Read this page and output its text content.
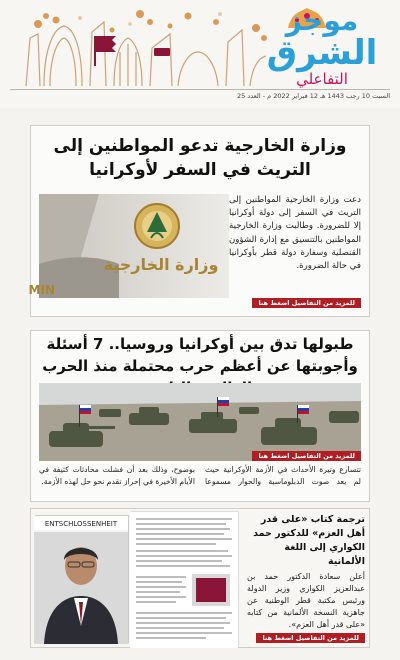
موجز
الشرق
التفاعلي
السبت 10 رجب 1443 هـ 12 فبراير 2022 م - العدد 25
وزارة الخارجية تدعو المواطنين إلى التريث في السفر لأوكرانيا
وزارة الخارجية
MIN

دعت وزارة الخارجية المواطنين إلى التريث في السفر إلى دولة أوكرانيا إلا للضرورة. وطالبت وزارة الخارجية المواطنين بالتنسيق مع إدارة الشؤون القنصلية وسفارة دولة قطر بأوكرانيا في حالة الضرورة.

للمزيد من التفاصيل اضغط هنا
طبولها تدق بين أوكرانيا وروسيا.. 7 أسئلة وأجوبتها عن أعظم حرب محتملة منذ الحرب
للمزيد من التفاصيل اضغط هنا

تتسارع وتيرة الأحداث في الأزمة الأوكرانية حيث لم يعد صوت الدبلوماسية والحوار مسموعا بوضوح، وذلك بعد أن فشلت محادثات كثيفة في الأيام الأخيرة في إحراز تقدم نحو حل لهذه الأزمة.

ENTSCHLOSSENHEIT	ترجمة كتاب «على قدر أهل العزم» للدكتور حمد الكواري إلى اللغة الألمانية

أعلن سعادة الدكتور حمد بن عبدالعزيز الكواري وزير الدولة ورئيس مكتبة قطر الوطنية عن جاهزية النسخة الألمانية من كتابه «على قدر أهل العزم».

للمزيد من التفاصيل اضغط هنا
